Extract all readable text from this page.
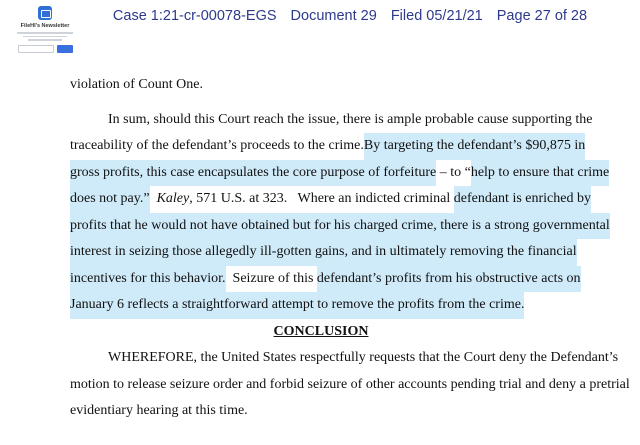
FileHI's Newsletter
Case 1:21-cr-00078-EGS Document 29 Filed 05/21/21 Page 27 of 28
violation of Count One.
In sum, should this Court reach the issue, there is ample probable cause supporting the
traceability of the defendant’s proceeds to the crime. By targeting the defendant’s $90,875 in
gross profits, this case encapsulates the core purpose of forfeiture – to “ help to ensure that crime
does not pay.” Kaley , 571 U.S. at 323.   Where an indicted criminal defendant is enriched by
profits that he would not have obtained but for his charged crime, there is a strong governmental
interest in seizing those allegedly ill-gotten gains, and in ultimately removing the financial
incentives for this behavior. Seizure of this defendant’s profits from his obstructive acts on
January 6 reflects a straightforward attempt to remove the profits from the crime.
CONCLUSION
WHEREFORE, the United States respectfully requests that the Court deny the Defendant’s
motion to release seizure order and forbid seizure of other accounts pending trial and deny a pretrial
evidentiary hearing at this time.
